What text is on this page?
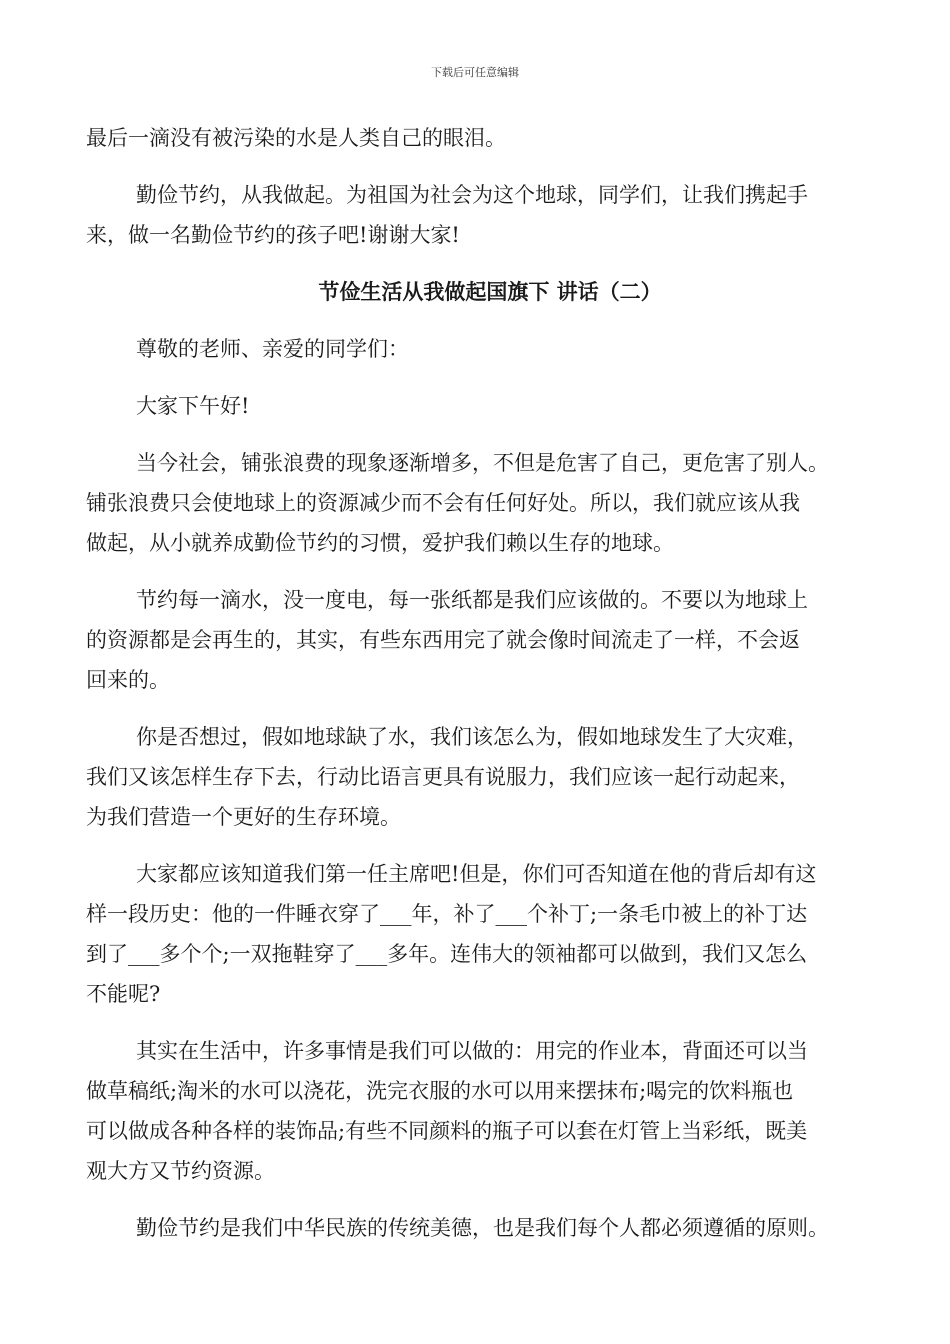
下载后可任意编辑
最后一滴没有被污染的水是人类自己的眼泪。
勤俭节约，从我做起。为祖国为社会为这个地球，同学们，让我们携起手
来，做一名勤俭节约的孩子吧!谢谢大家!
节俭生活从我做起国旗下 讲话（二）
尊敬的老师、亲爱的同学们：
大家下午好!
当今社会，铺张浪费的现象逐渐增多，不但是危害了自己，更危害了别人。
铺张浪费只会使地球上的资源减少而不会有任何好处。所以，我们就应该从我
做起，从小就养成勤俭节约的习惯，爱护我们赖以生存的地球。
节约每一滴水，没一度电，每一张纸都是我们应该做的。不要以为地球上
的资源都是会再生的，其实，有些东西用完了就会像时间流走了一样，不会返
回来的。
你是否想过，假如地球缺了水，我们该怎么为，假如地球发生了大灾难，
我们又该怎样生存下去，行动比语言更具有说服力，我们应该一起行动起来，
为我们营造一个更好的生存环境。
大家都应该知道我们第一任主席吧!但是，你们可否知道在他的背后却有这
样一段历史：他的一件睡衣穿了___年，补了___个补丁;一条毛巾被上的补丁达
到了___多个个;一双拖鞋穿了___多年。连伟大的领袖都可以做到，我们又怎么
不能呢?
其实在生活中，许多事情是我们可以做的：用完的作业本，背面还可以当
做草稿纸;淘米的水可以浇花，洗完衣服的水可以用来摆抹布;喝完的饮料瓶也
可以做成各种各样的装饰品;有些不同颜料的瓶子可以套在灯管上当彩纸，既美
观大方又节约资源。
勤俭节约是我们中华民族的传统美德，也是我们每个人都必须遵循的原则。
